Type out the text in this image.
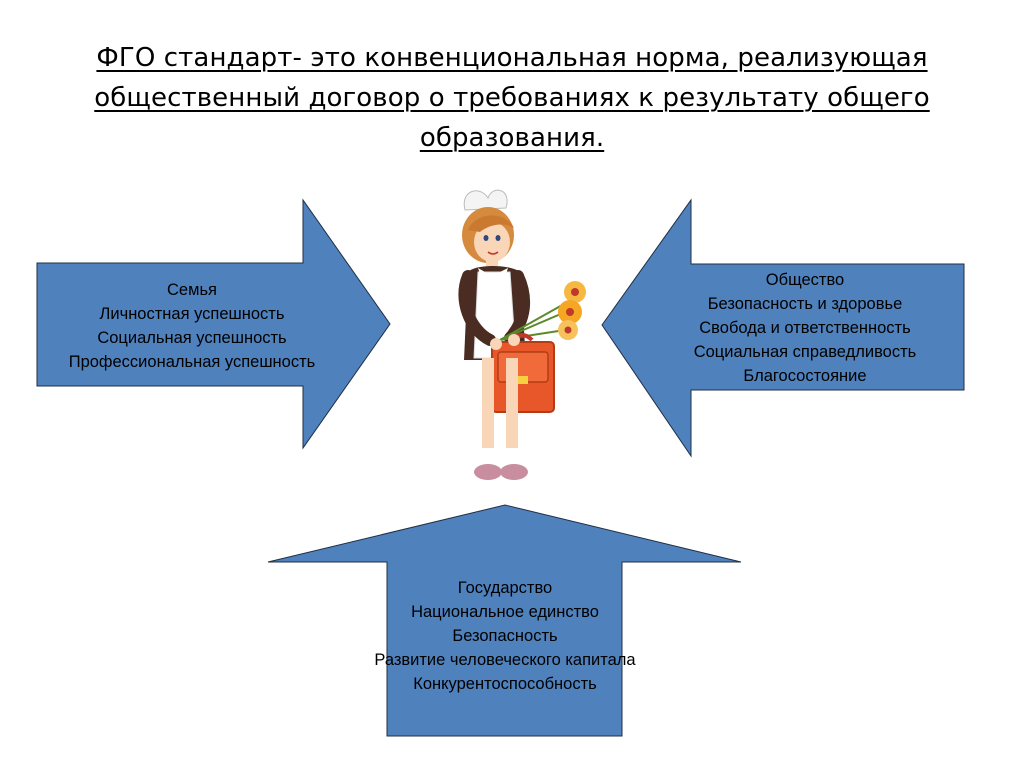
ФГО стандарт- это конвенциональная норма, реализующая общественный договор о требованиях к результату общего образования.
Семья
Личностная успешность
Социальная успешность
Профессиональная успешность
Общество
Безопасность и здоровье
Свобода и ответственность
Социальная справедливость
Благосостояние
Государство
Национальное единство
Безопасность
Развитие человеческого капитала
Конкурентоспособность
